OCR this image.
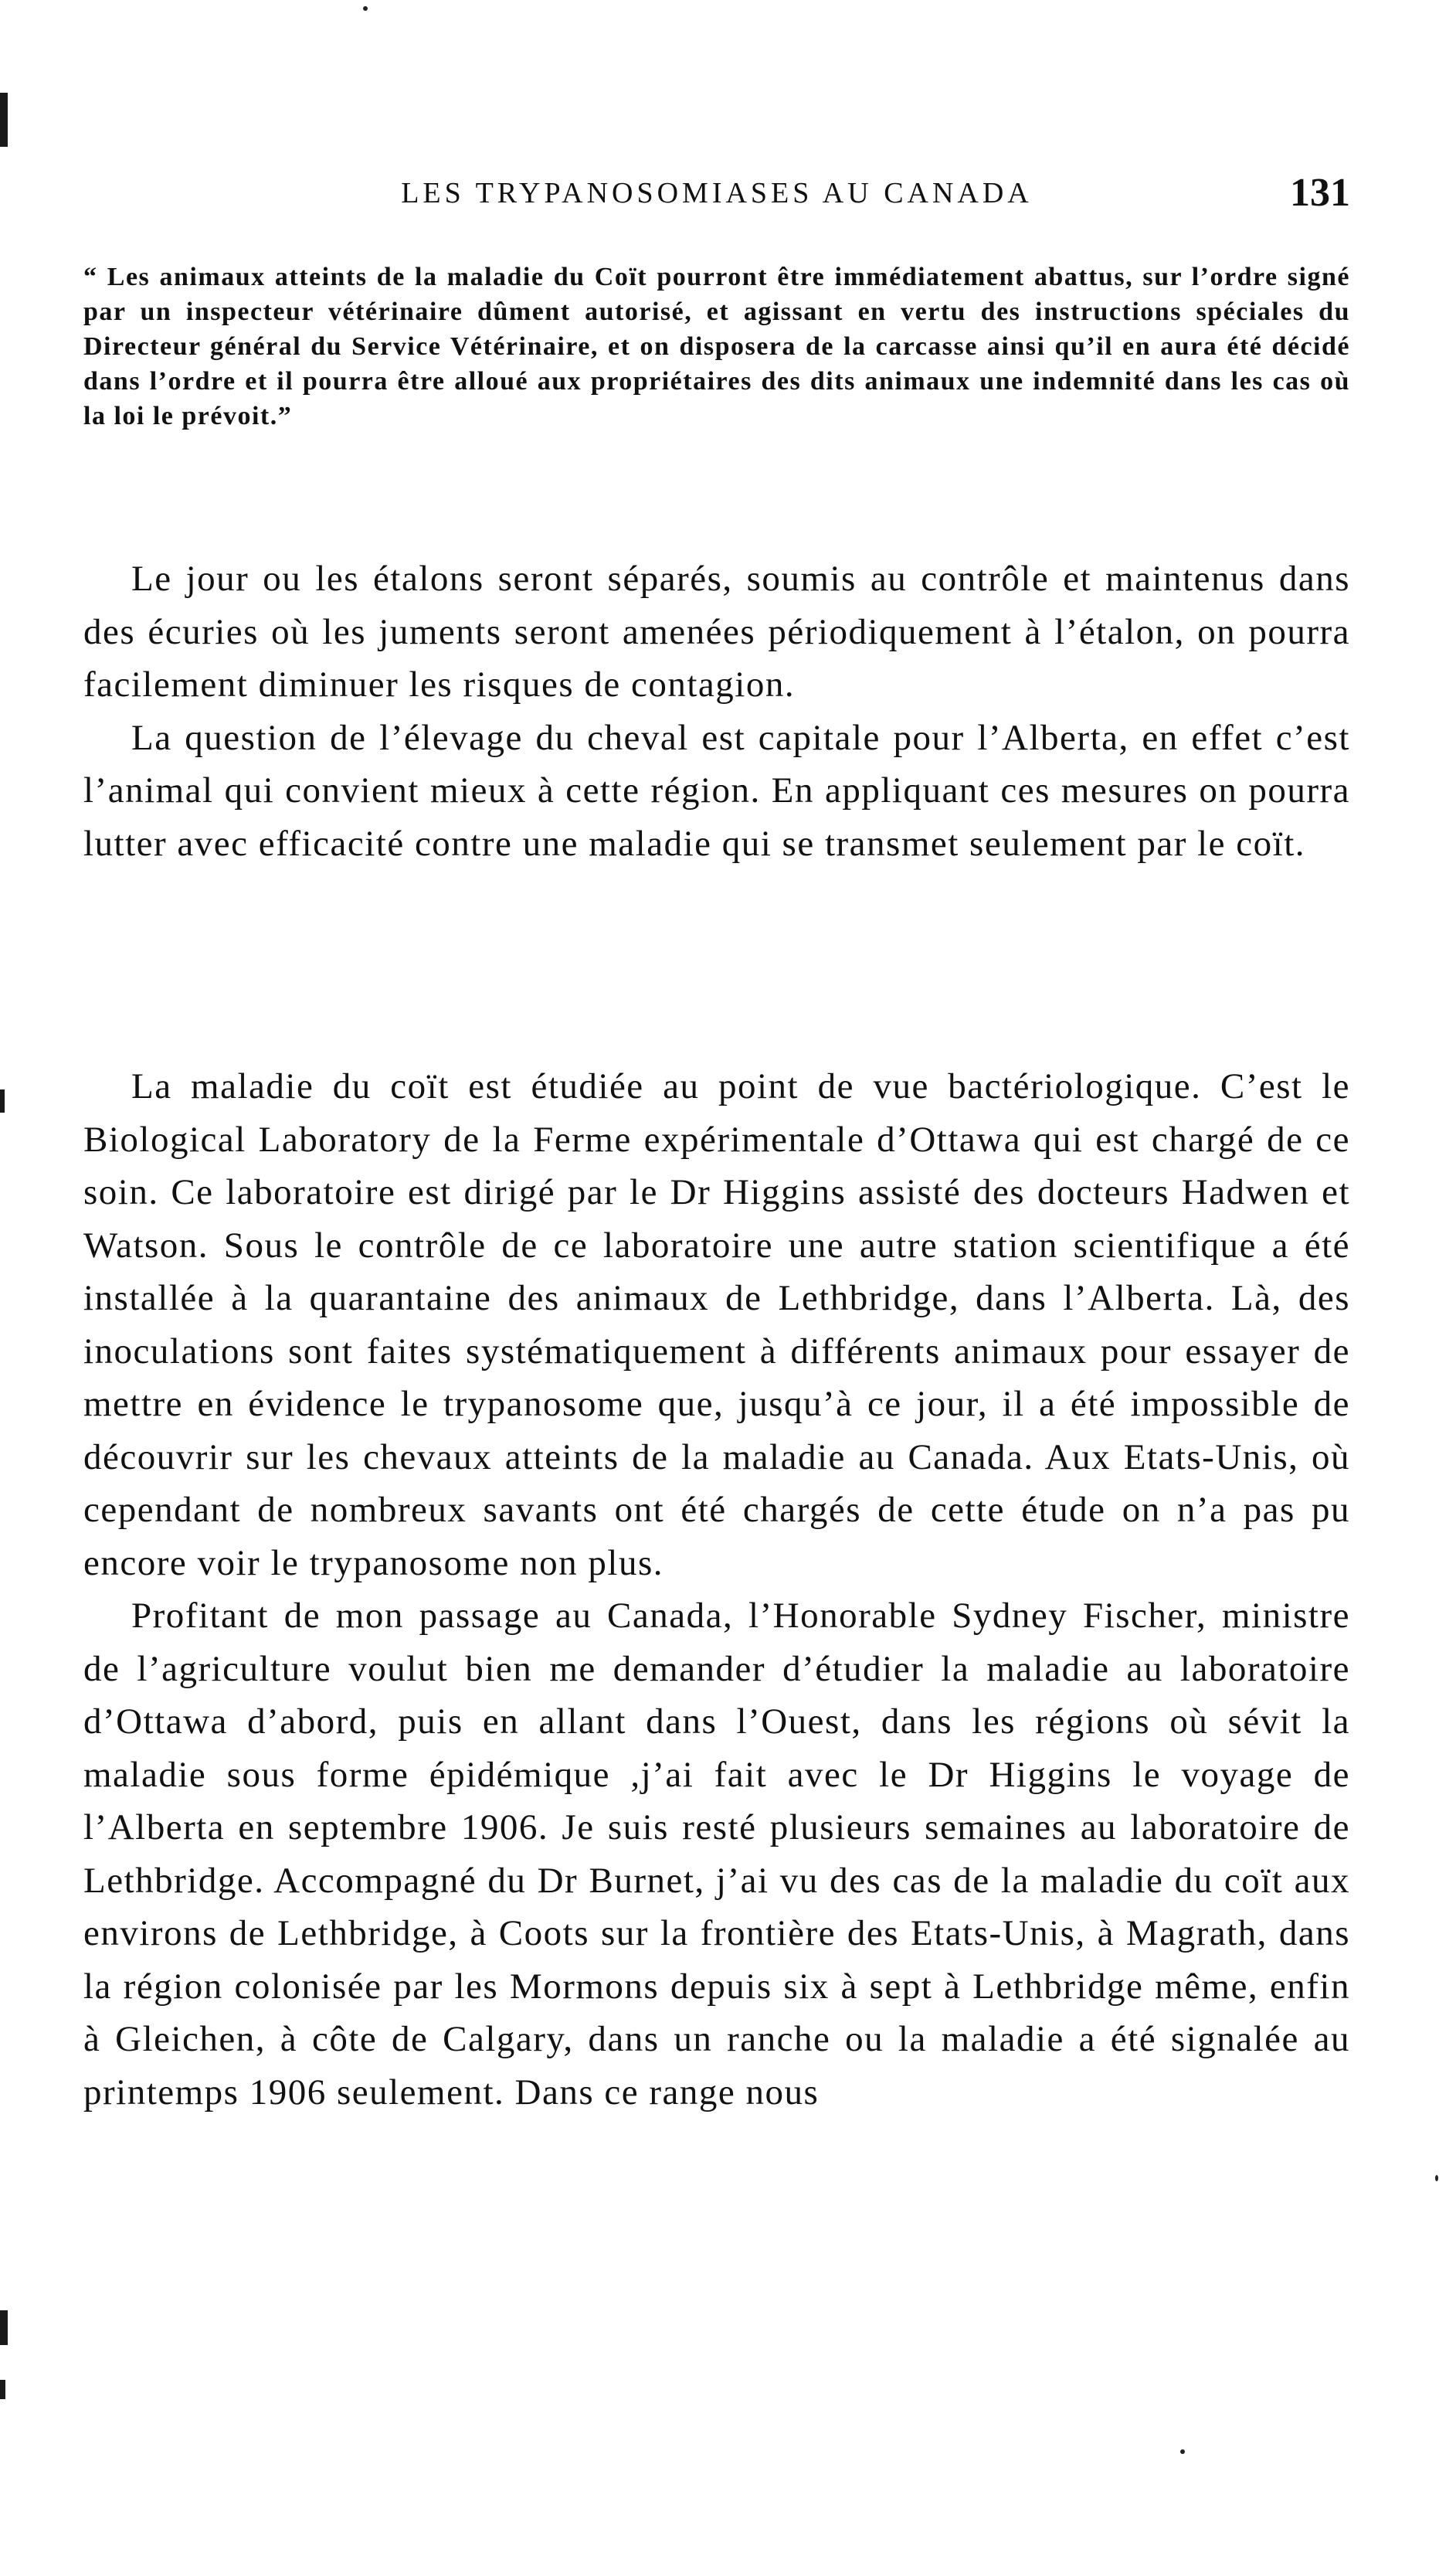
LES TRYPANOSOMIASES AU CANADA	131
“ Les animaux atteints de la maladie du Coït pourront être immédiatement abattus, sur l’ordre signé par un inspecteur vétérinaire dûment autorisé, et agissant en vertu des instructions spéciales du Directeur général du Service Vétérinaire, et on disposera de la carcasse ainsi qu’il en aura été décidé dans l’ordre et il pourra être alloué aux propriétaires des dits animaux une indemnité dans les cas où la loi le prévoit.”

Le jour ou les étalons seront séparés, soumis au contrôle et maintenus dans des écuries où les juments seront amenées périodiquement à l’étalon, on pourra facilement diminuer les risques de contagion.

La question de l’élevage du cheval est capitale pour l’Alberta, en effet c’est l’animal qui convient mieux à cette région. En appliquant ces mesures on pourra lutter avec efficacité contre une maladie qui se transmet seulement par le coït.

La maladie du coït est étudiée au point de vue bactériologique. C’est le Biological Laboratory de la Ferme expérimentale d’Ottawa qui est chargé de ce soin. Ce laboratoire est dirigé par le Dr Higgins assisté des docteurs Hadwen et Watson. Sous le contrôle de ce laboratoire une autre station scientifique a été installée à la quarantaine des animaux de Lethbridge, dans l’Alberta. Là, des inoculations sont faites systématiquement à différents animaux pour essayer de mettre en évidence le trypanosome que, jusqu’à ce jour, il a été impossible de découvrir sur les chevaux atteints de la maladie au Canada. Aux Etats-Unis, où cependant de nombreux savants ont été chargés de cette étude on n’a pas pu encore voir le trypanosome non plus.

Profitant de mon passage au Canada, l’Honorable Sydney Fischer, ministre de l’agriculture voulut bien me demander d’étudier la maladie au laboratoire d’Ottawa d’abord, puis en allant dans l’Ouest, dans les régions où sévit la maladie sous forme épidémique ,j’ai fait avec le Dr Higgins le voyage de l’Alberta en septembre 1906. Je suis resté plusieurs semaines au laboratoire de Lethbridge. Accompagné du Dr Burnet, j’ai vu des cas de la maladie du coït aux environs de Lethbridge, à Coots sur la frontière des Etats-Unis, à Magrath, dans la région colonisée par les Mormons depuis six à sept à Lethbridge même, enfin à Gleichen, à côte de Calgary, dans un ranche ou la maladie a été signalée au printemps 1906 seulement. Dans ce range nous
